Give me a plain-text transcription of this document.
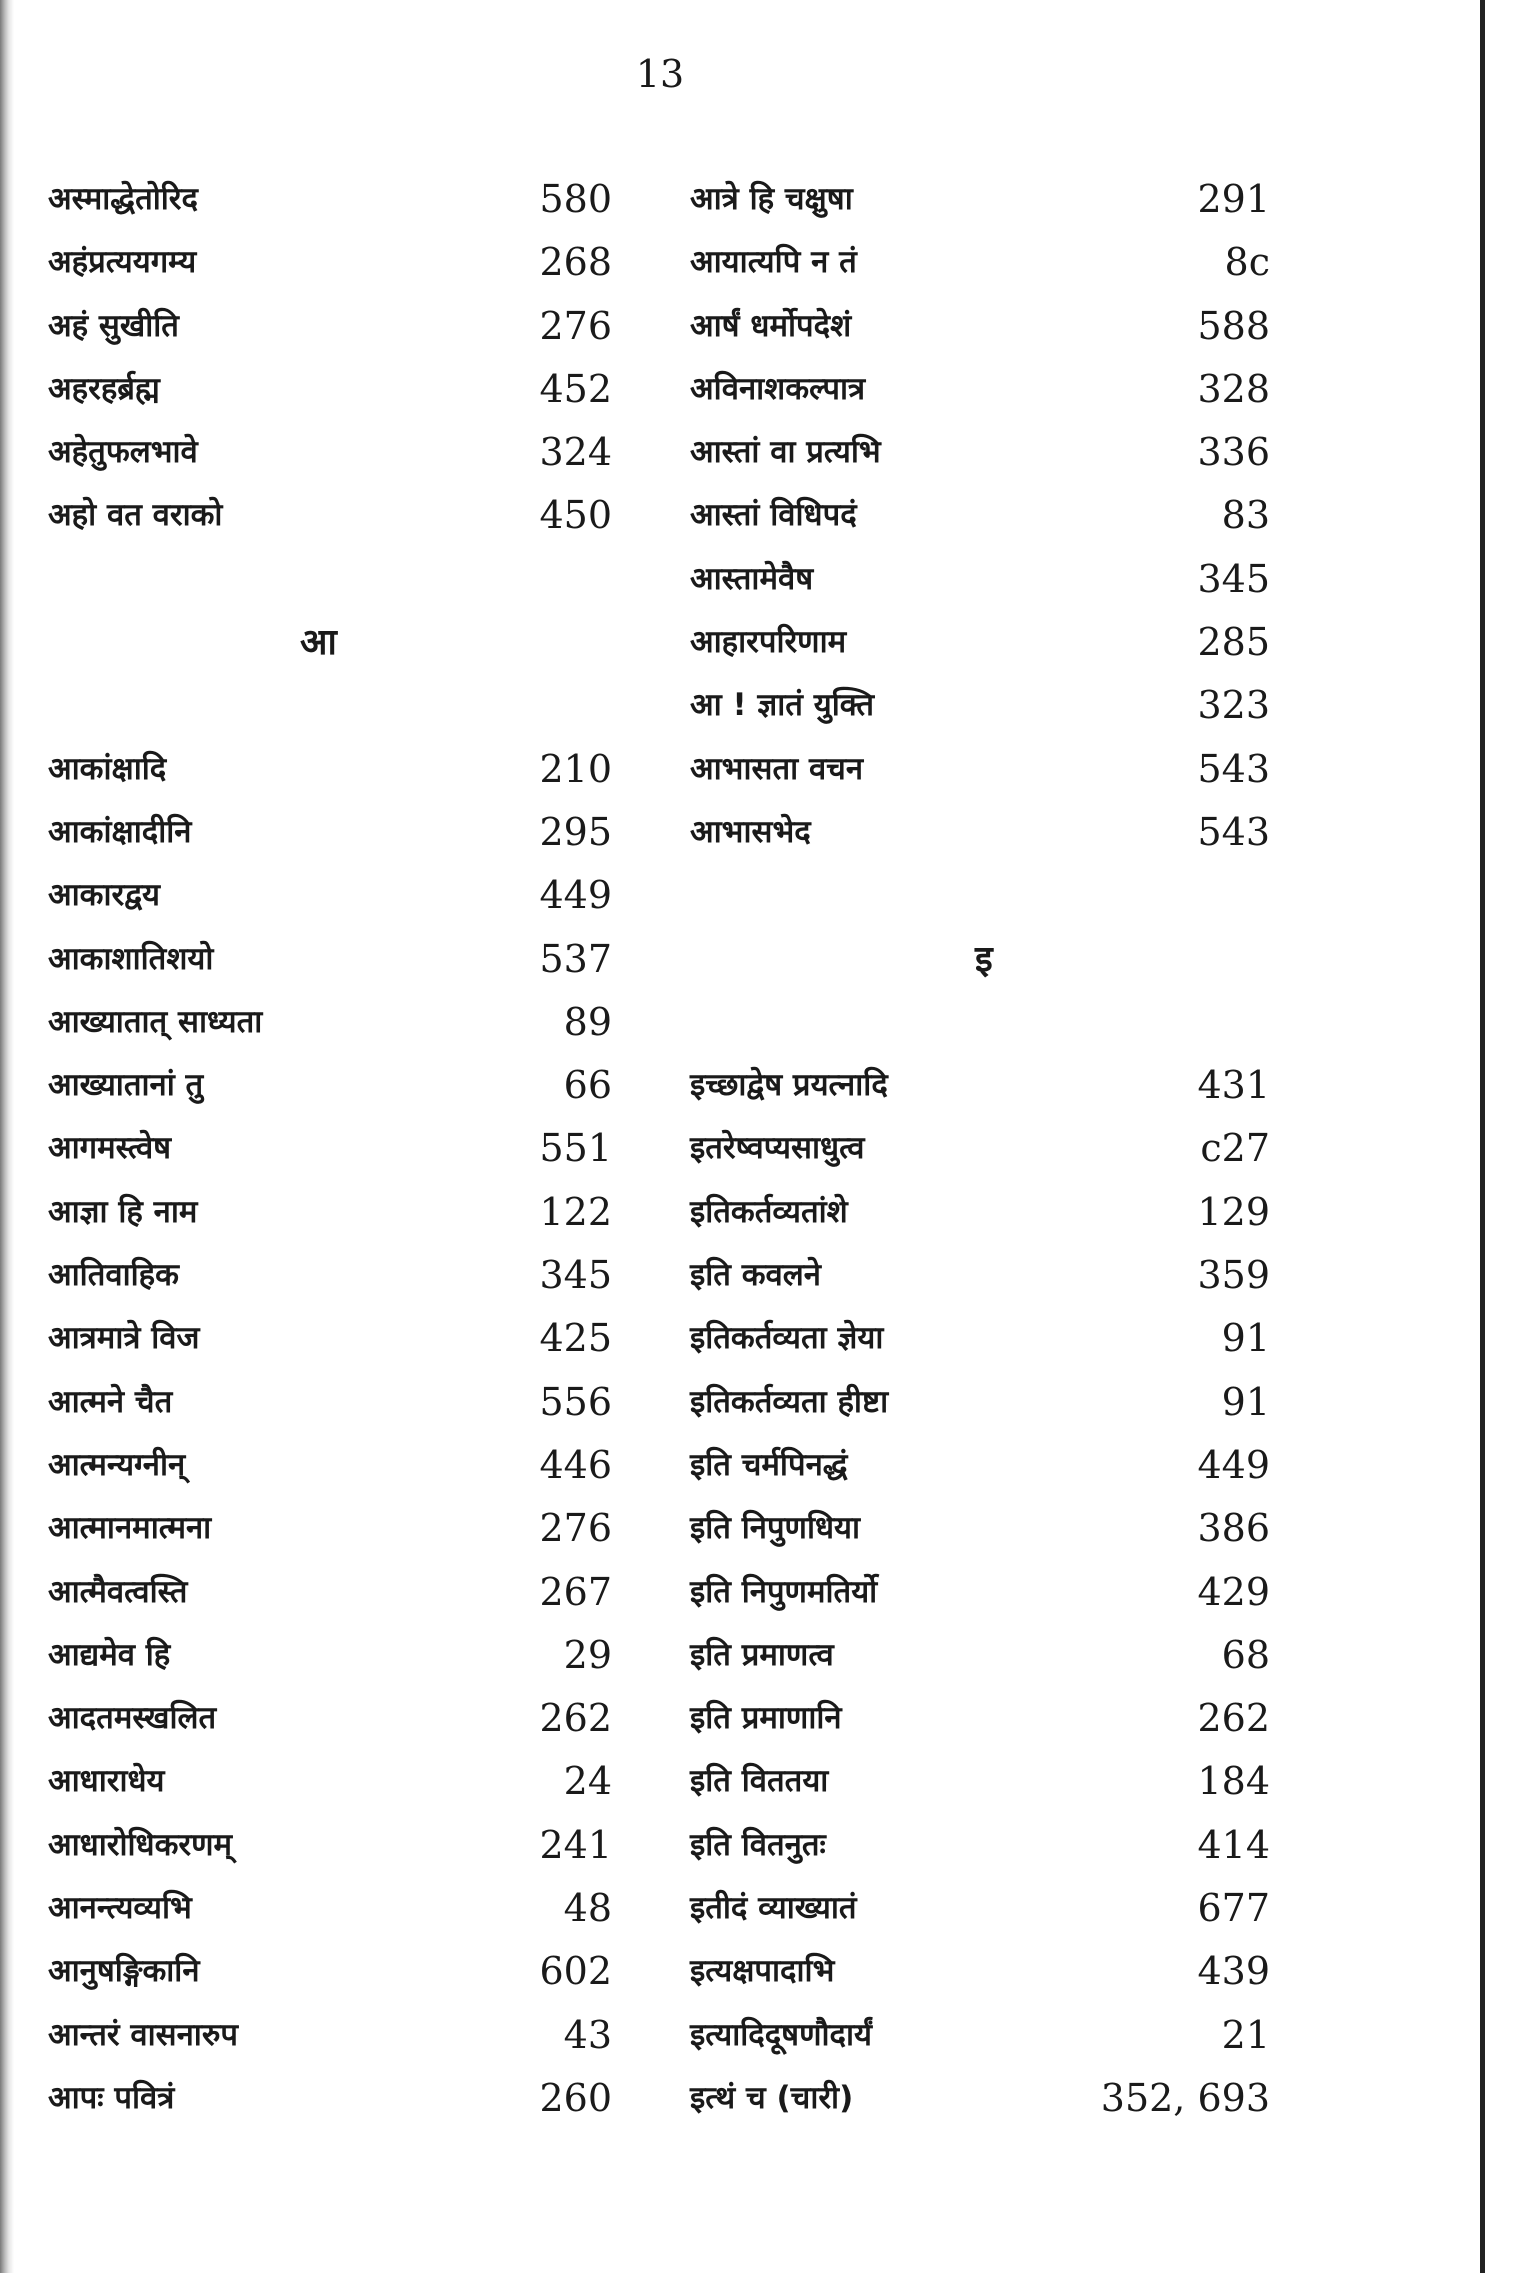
13
अस्माद्धेतोरिद	580
अहंप्रत्ययगम्य	268
अहं सुखीति	276
अहरहर्ब्रह्म	452
अहेतुफलभावे	324
अहो वत वराको	450
आ
आकांक्षादि	210
आकांक्षादीनि	295
आकारद्वय	449
आकाशातिशयो	537
आख्यातात् साध्यता	89
आख्यातानां तु	66
आगमस्त्वेष	551
आज्ञा हि नाम	122
आतिवाहिक	345
आत्रमात्रे विज	425
आत्मने चैत	556
आत्मन्यग्नीन्	446
आत्मानमात्मना	276
आत्मैवत्वस्ति	267
आद्यमेव हि	29
आदतमस्खलित	262
आधाराधेय	24
आधारोधिकरणम्	241
आनन्त्यव्यभि	48
आनुषङ्गिकानि	602
आन्तरं वासनारुप	43
आपः पवित्रं	260
आत्रे हि चक्षुषा	291
आयात्यपि न तं	8c
आर्षं धर्मोपदेशं	588
अविनाशकल्पात्र	328
आस्तां वा प्रत्यभि	336
आस्तां विधिपदं	83
आस्तामेवैष	345
आहारपरिणाम	285
आ ! ज्ञातं युक्ति	323
आभासता वचन	543
आभासभेद	543
इ
इच्छाद्वेष प्रयत्नादि	431
इतरेष्वप्यसाधुत्व	c27
इतिकर्तव्यतांशे	129
इति कवलने	359
इतिकर्तव्यता ज्ञेया	91
इतिकर्तव्यता हीष्टा	91
इति चर्मपिनद्धं	449
इति निपुणधिया	386
इति निपुणमतिर्यो	429
इति प्रमाणत्व	68
इति प्रमाणानि	262
इति विततया	184
इति वितनुतः	414
इतीदं व्याख्यातं	677
इत्यक्षपादाभि	439
इत्यादिदूषणौदार्यं	21
इत्थं च (चारी)	352, 693
